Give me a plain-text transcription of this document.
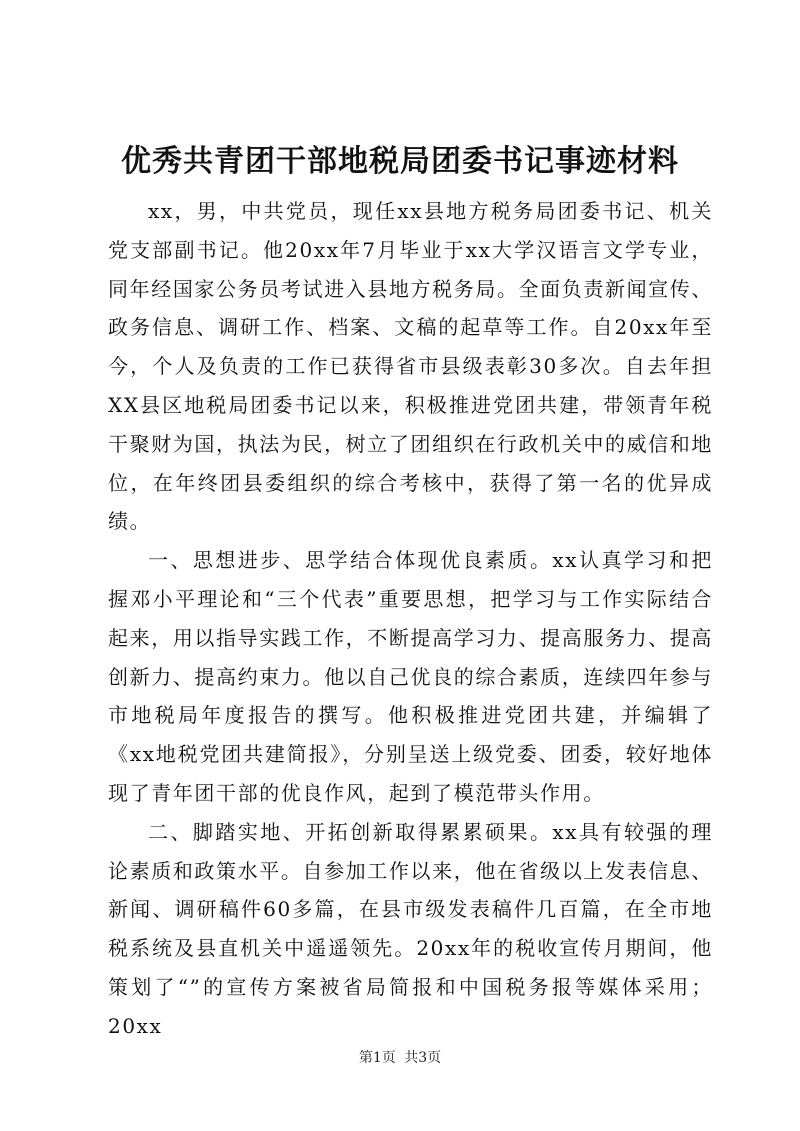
优秀共青团干部地税局团委书记事迹材料

xx，男，中共党员，现任xx县地方税务局团委书记、机关党支部副书记。他20xx年7月毕业于xx大学汉语言文学专业，同年经国家公务员考试进入县地方税务局。全面负责新闻宣传、政务信息、调研工作、档案、文稿的起草等工作。自20xx年至今，个人及负责的工作已获得省市县级表彰30多次。自去年担XX县区地税局团委书记以来，积极推进党团共建，带领青年税干聚财为国，执法为民，树立了团组织在行政机关中的威信和地位，在年终团县委组织的综合考核中，获得了第一名的优异成绩。

一、思想进步、思学结合体现优良素质。xx认真学习和把握邓小平理论和“三个代表”重要思想，把学习与工作实际结合起来，用以指导实践工作，不断提高学习力、提高服务力、提高创新力、提高约束力。他以自己优良的综合素质，连续四年参与市地税局年度报告的撰写。他积极推进党团共建，并编辑了《xx地税党团共建简报》，分别呈送上级党委、团委，较好地体现了青年团干部的优良作风，起到了模范带头作用。

二、脚踏实地、开拓创新取得累累硕果。xx具有较强的理论素质和政策水平。自参加工作以来，他在省级以上发表信息、新闻、调研稿件60多篇，在县市级发表稿件几百篇，在全市地税系统及县直机关中遥遥领先。20xx年的税收宣传月期间，他策划了“”的宣传方案被省局简报和中国税务报等媒体采用；20xx

第1页 共3页
